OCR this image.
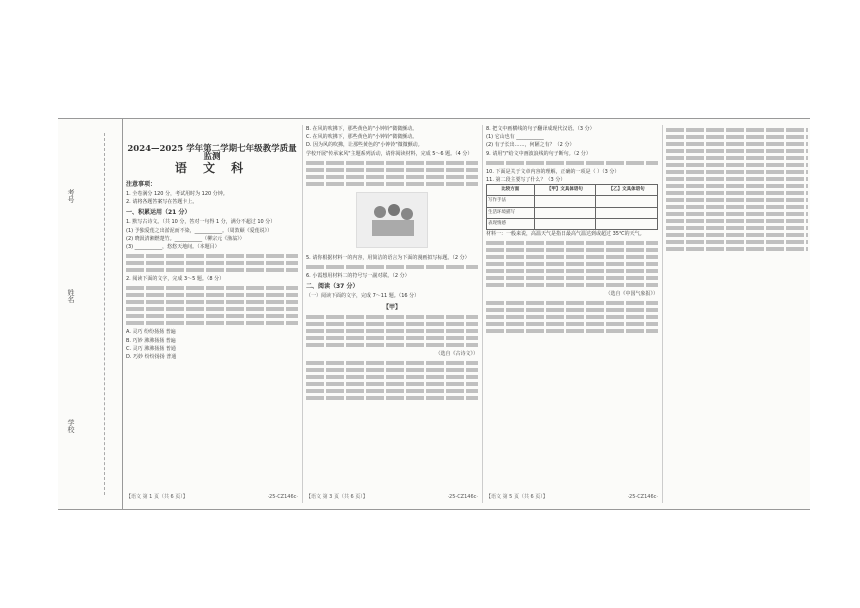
考号
姓名
学校
2024—2025 学年第二学期七年级教学质量监测
语 文 科
注意事项：
1. 全卷满分 120 分，考试用时为 120 分钟。
2. 请将各题答案写在答题卡上。
一、积累运用（21 分）
1. 默写古诗文。（共 10 分，答对一句得 1 分，满分不超过 10 分）
(1) 予独爱莲之出淤泥而不染，___________。（周敦颐《爱莲说》）
(2) 晓汲清湘燃楚竹。___________（柳宗元《渔翁》）
(3) ___________，悠悠天地间。（本题目）
2. 阅读下面的文字，完成 3～5 题。（8 分）
A. 灵巧 纷纷扬扬 普遍
B. 巧妙 沸沸扬扬 普遍
C. 灵巧 沸沸扬扬 普通
D. 巧妙 纷纷扬扬 普通
【语文 第 1 页（共 6 页）】	·25-CZ146c·
B. 在风的吹拂下，那些黄色的"小钟铃"微微颤动。
C. 在风的吹拂下，那些黄色的"小钟铃"微微颤动。
D. 因为风的吹拂，让那些黄色的"小钟铃"微微颤动。
学校开展"传承家风"主题系列活动，请你阅读材料，完成 5～6 题。（4 分）
5. 请你根据材料一的内容，用简洁的语言为下面的漫画拟写标题。（2 分）
6. 小霞想用材料二的符号写一副对联。（2 分）
二、阅读（37 分）
（一）阅读下面的文字，完成 7～11 题。（16 分）
【甲】
（选自《古诗文》）
【语文 第 3 页（共 6 页）】	·25-CZ146c·
8. 把文中画横线的句子翻译成现代汉语。（3 分）
(1) 它山也有 ___________
(2) 有子长出……，何陋之有？（2 分）
9. 请用"/"给文中画波浪线的句子断句。（2 分）
10. 下面是关于文章内容的理解，正确的一项是（ ）（3 分）
11. 第二段主要写了什么？（3 分）
比较方面	【甲】文具体语句	【乙】文具体语句
写作手法		
生活环境描写		
表现情感		
材料一：一般来说，高温天气是指日最高气温达到或超过 35℃的天气。
（选自《中国气象报》）
【语文 第 5 页（共 6 页）】	·25-CZ146c·
